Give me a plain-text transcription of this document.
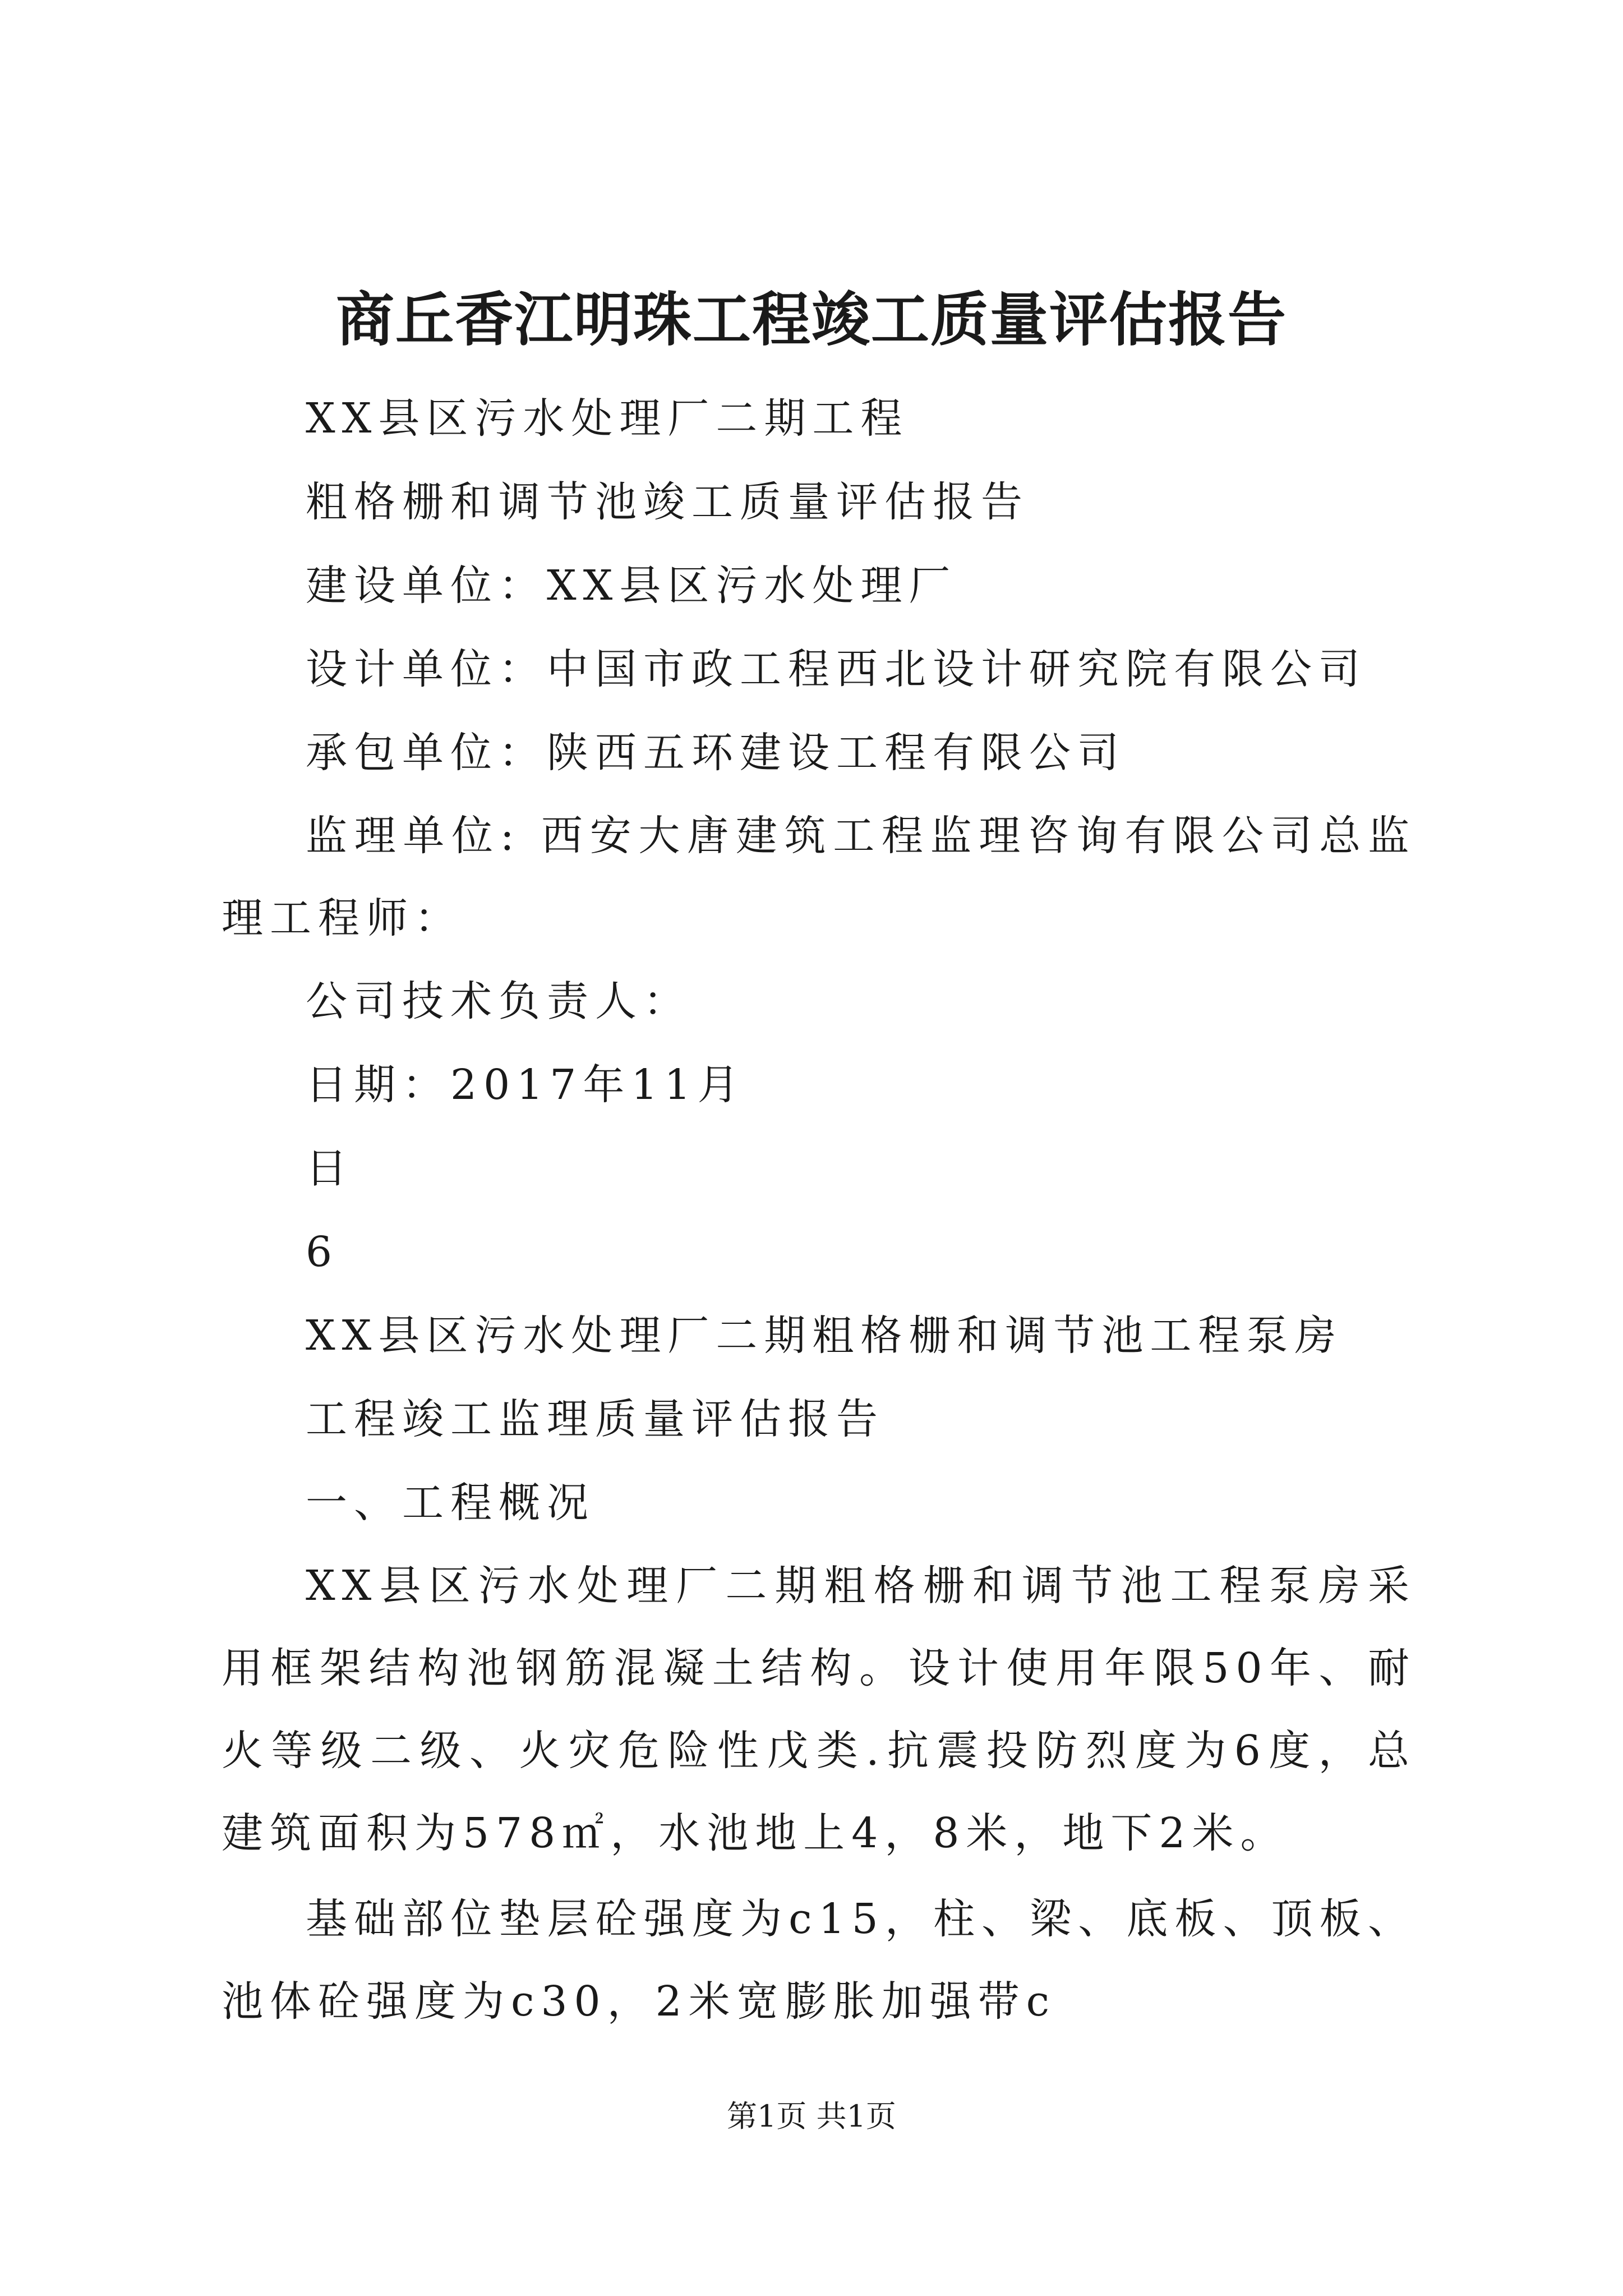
商丘香江明珠工程竣工质量评估报告

XX县区污水处理厂二期工程

粗格栅和调节池竣工质量评估报告

建设单位：XX县区污水处理厂

设计单位：中国市政工程西北设计研究院有限公司

承包单位：陕西五环建设工程有限公司

监理单位: 西安大唐建筑工程监理咨询有限公司总监理工程师：

公司技术负责人：

日期：2017年11月

日

6

XX县区污水处理厂二期粗格栅和调节池工程泵房

工程竣工监理质量评估报告

一、工程概况

XX县区污水处理厂二期粗格栅和调节池工程泵房采用框架结构池钢筋混凝土结构。设计使用年限50年、耐火等级二级、火灾危险性戊类.抗震投防烈度为6度，总建筑面积为578㎡，水池地上4，8米，地下2米。

基础部位垫层砼强度为c15，柱、梁、底板、顶板、池体砼强度为c30，2米宽膨胀加强带c

第1页 共1页
